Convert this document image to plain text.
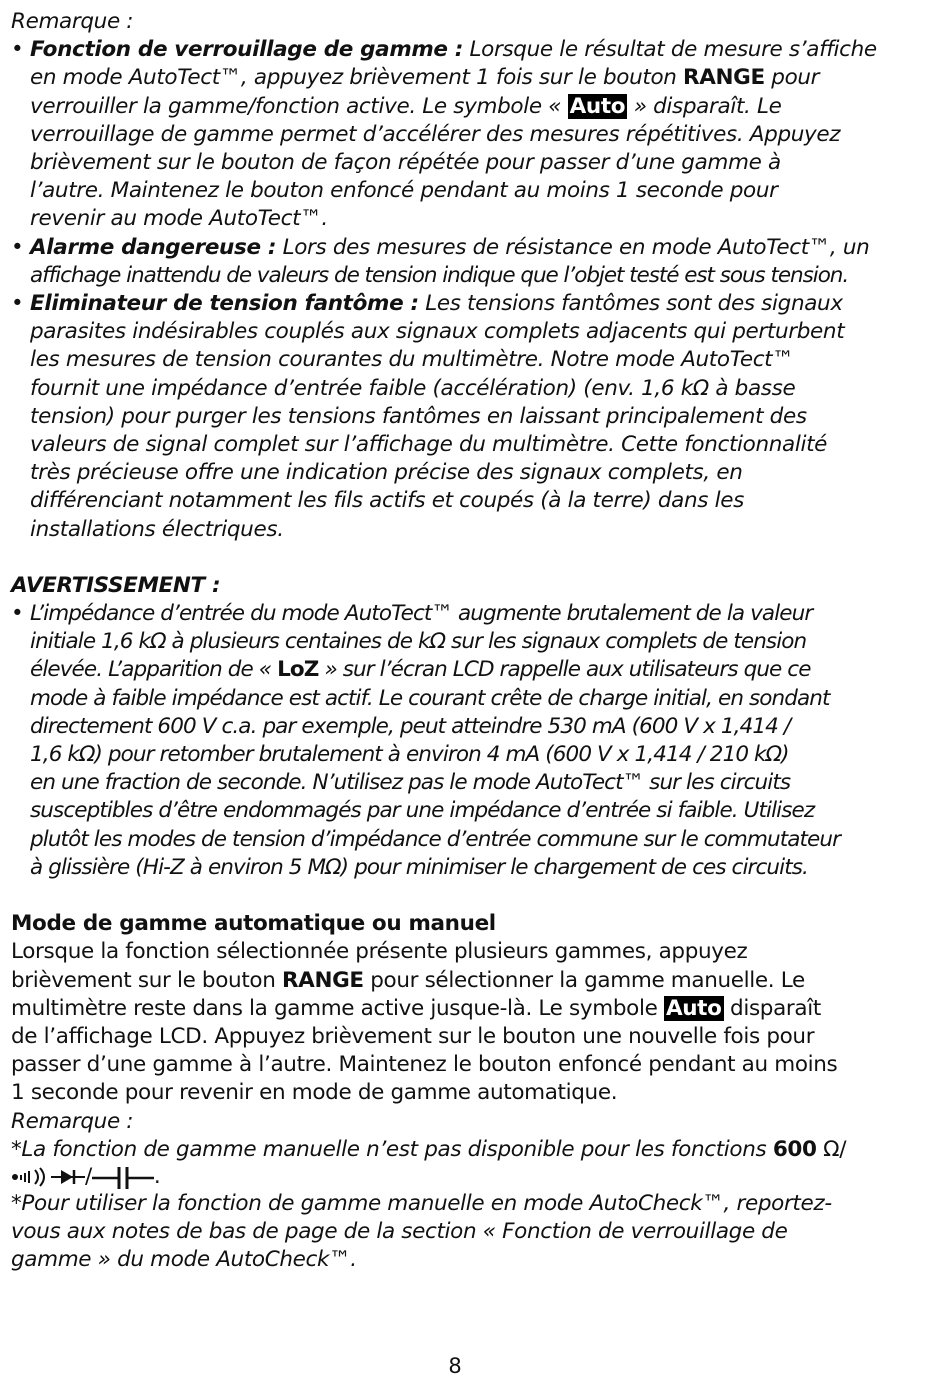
Remarque :
• Fonction de verrouillage de gamme : Lorsque le résultat de mesure s’affiche
en mode AutoTect™, appuyez brièvement 1 fois sur le bouton RANGE pour
verrouiller la gamme/fonction active. Le symbole « Auto » disparaît. Le
verrouillage de gamme permet d’accélérer des mesures répétitives. Appuyez
brièvement sur le bouton de façon répétée pour passer d’une gamme à
l’autre. Maintenez le bouton enfoncé pendant au moins 1 seconde pour
revenir au mode AutoTect™.
• Alarme dangereuse : Lors des mesures de résistance en mode AutoTect™, un
affichage inattendu de valeurs de tension indique que l’objet testé est sous tension.
• Eliminateur de tension fantôme : Les tensions fantômes sont des signaux
parasites indésirables couplés aux signaux complets adjacents qui perturbent
les mesures de tension courantes du multimètre. Notre mode AutoTect™
fournit une impédance d’entrée faible (accélération) (env. 1,6 kΩ à basse
tension) pour purger les tensions fantômes en laissant principalement des
valeurs de signal complet sur l’affichage du multimètre. Cette fonctionnalité
très précieuse offre une indication précise des signaux complets, en
différenciant notamment les fils actifs et coupés (à la terre) dans les
installations électriques.
AVERTISSEMENT :
• L’impédance d’entrée du mode AutoTect™ augmente brutalement de la valeur
initiale 1,6 kΩ à plusieurs centaines de kΩ sur les signaux complets de tension
élevée. L’apparition de « LoZ » sur l’écran LCD rappelle aux utilisateurs que ce
mode à faible impédance est actif. Le courant crête de charge initial, en sondant
directement 600 V c.a. par exemple, peut atteindre 530 mA (600 V x 1,414 /
1,6 kΩ) pour retomber brutalement à environ 4 mA (600 V x 1,414 / 210 kΩ)
en une fraction de seconde. N’utilisez pas le mode AutoTect™ sur les circuits
susceptibles d’être endommagés par une impédance d’entrée si faible. Utilisez
plutôt les modes de tension d’impédance d’entrée commune sur le commutateur
à glissière (Hi-Z à environ 5 MΩ) pour minimiser le chargement de ces circuits.
Mode de gamme automatique ou manuel
Lorsque la fonction sélectionnée présente plusieurs gammes, appuyez
brièvement sur le bouton RANGE pour sélectionner la gamme manuelle. Le
multimètre reste dans la gamme active jusque-là. Le symbole Auto disparaît
de l’affichage LCD. Appuyez brièvement sur le bouton une nouvelle fois pour
passer d’une gamme à l’autre. Maintenez le bouton enfoncé pendant au moins
1 seconde pour revenir en mode de gamme automatique.
Remarque :
*La fonction de gamme manuelle n’est pas disponible pour les fonctions 600 Ω/
/	.
*Pour utiliser la fonction de gamme manuelle en mode AutoCheck™, reportez-
vous aux notes de bas de page de la section « Fonction de verrouillage de
gamme » du mode AutoCheck™.
8
